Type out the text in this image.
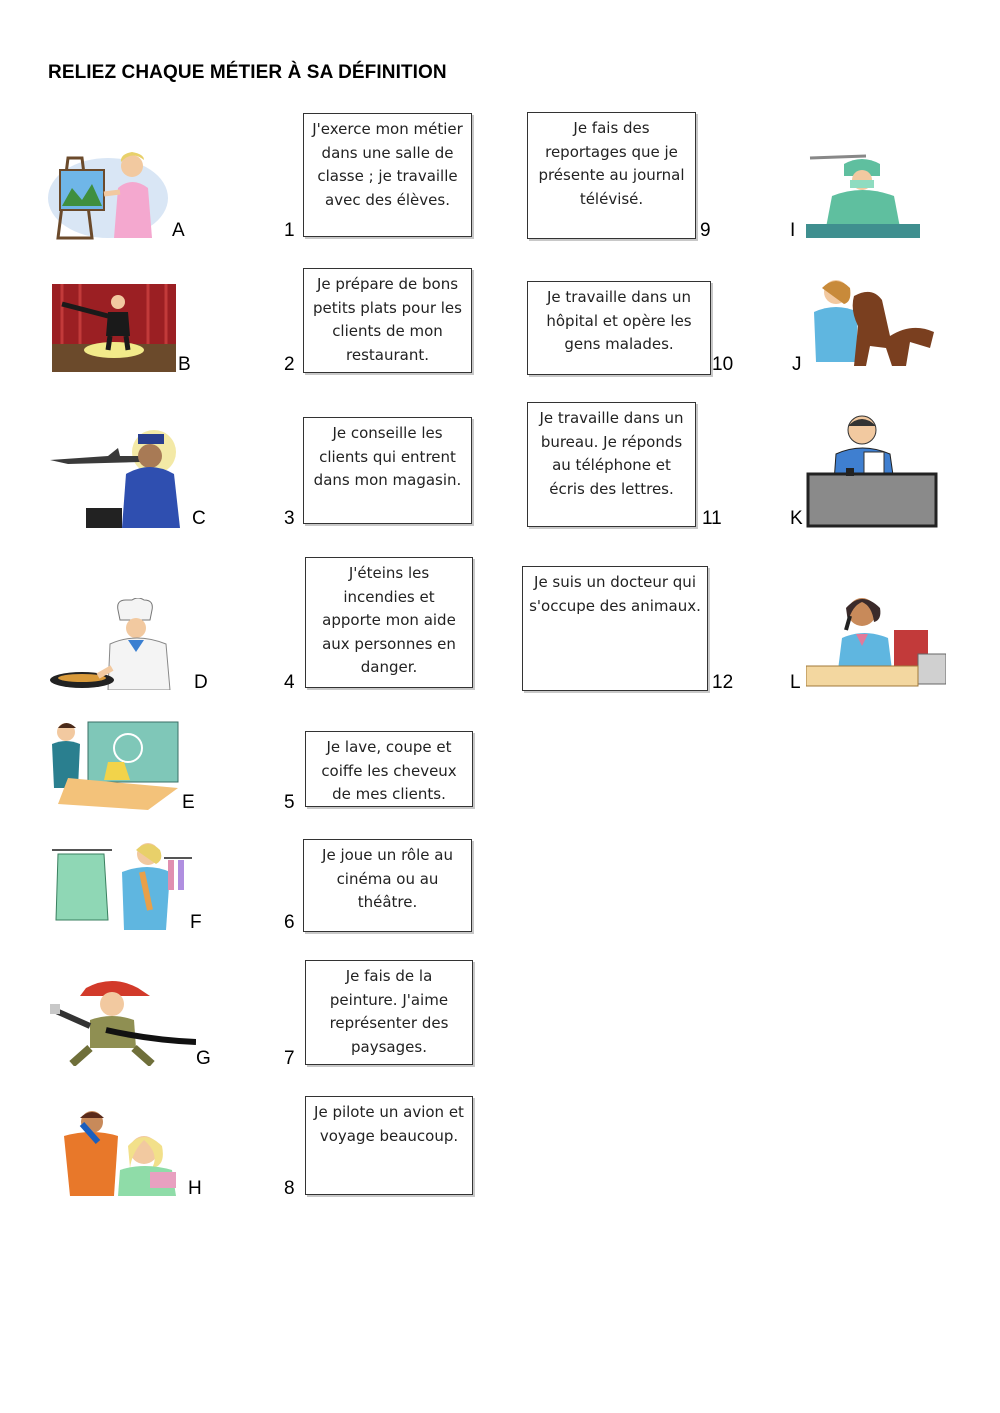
RELIEZ CHAQUE MÉTIER À SA DÉFINITION
A
B
C
D
E
F
G
H
I
J
K
L
1
J'exerce mon métier dans une salle de classe ; je travaille avec des élèves.
2
Je prépare de bons petits plats pour les clients de mon restaurant.
3
Je conseille les clients qui entrent dans mon magasin.
4
J'éteins les incendies et apporte mon aide aux personnes en danger.
5
Je lave, coupe et coiffe les cheveux de mes clients.
6
Je joue un rôle au cinéma ou au théâtre.
7
Je fais de la peinture. J'aime représenter des paysages.
8
Je pilote un avion et voyage beaucoup.
Je fais des reportages que je présente au journal télévisé.
9
Je travaille dans un hôpital et opère les gens malades.
10
Je travaille dans un bureau. Je réponds au téléphone et écris des lettres.
11
Je suis un docteur qui s'occupe des animaux.
12
